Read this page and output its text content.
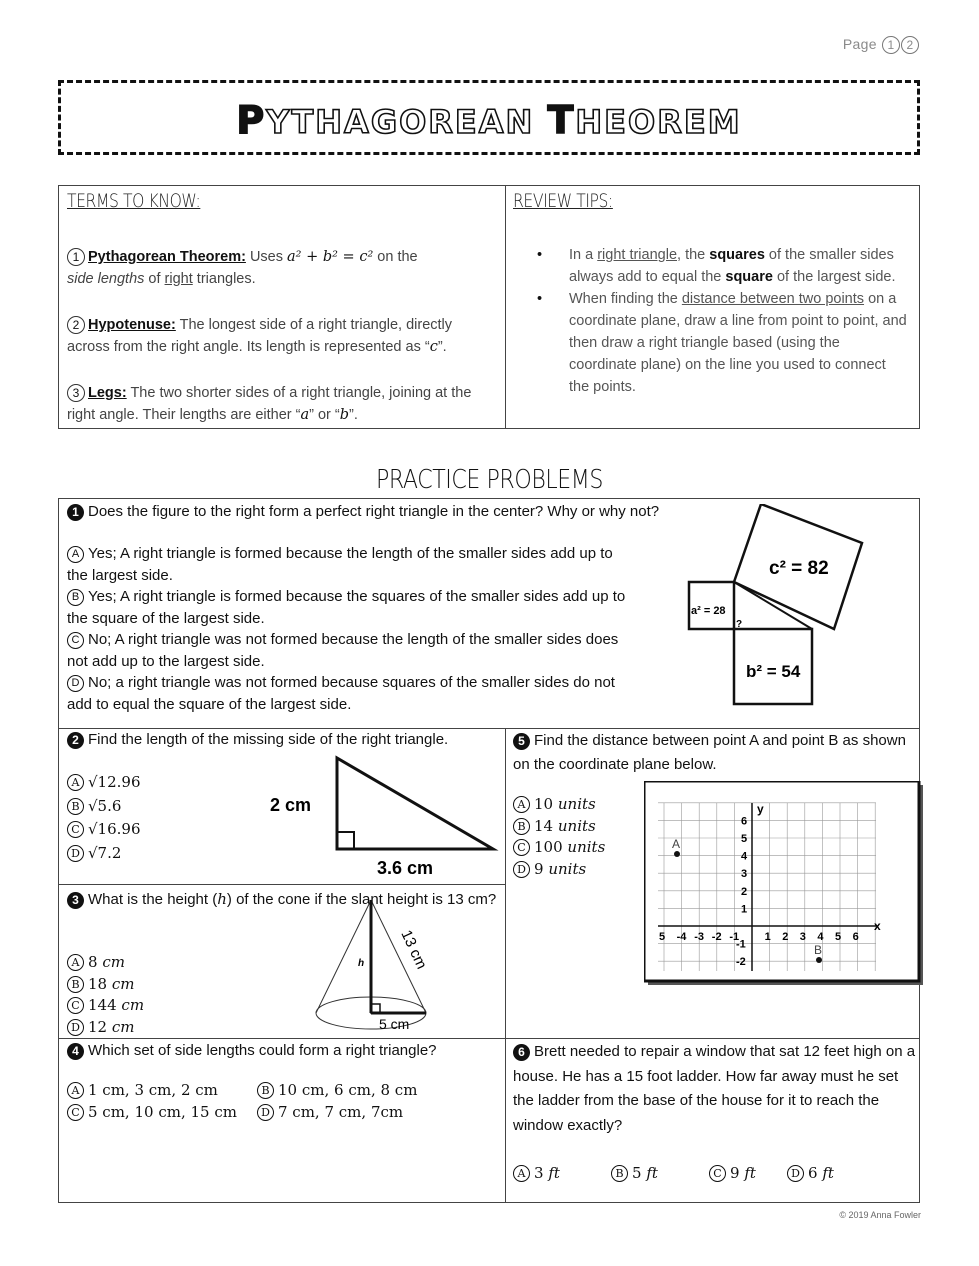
Page 1 2
PYTHAGOREAN THEOREM
TERMS TO KNOW:
1 Pythagorean Theorem: Uses a² + b² = c² on the
side lengths of right triangles.
2 Hypotenuse: The longest side of a right triangle, directly across from the right angle. Its length is represented as “c”.
3 Legs: The two shorter sides of a right triangle, joining at the right angle. Their lengths are either “a” or “b”.
REVIEW TIPS:
• In a right triangle, the squares of the smaller sides always add to equal the square of the largest side.
• When finding the distance between two points on a coordinate plane, draw a line from point to point, and then draw a right triangle based (using the coordinate plane) on the line you used to connect the points.
PRACTICE PROBLEMS
1 Does the figure to the right form a perfect right triangle in the center? Why or why not?
A Yes; A right triangle is formed because the length of the smaller sides add up to the largest side.
B Yes; A right triangle is formed because the squares of the smaller sides add up to the square of the largest side.
C No; A right triangle was not formed because the length of the smaller sides does not add up to the largest side.
D No; a right triangle was not formed because squares of the smaller sides do not add to equal the square of the largest side.
c² = 82
a² = 28
b² = 54
?
2 Find the length of the missing side of the right triangle.
A √12.96
B √5.6
C √16.96
D √7.2
2 cm
3.6 cm
3 What is the height (h) of the cone if the slant height is 13 cm?
A 8 cm
B 18 cm
C 144 cm
D 12 cm
h 13 cm
5 cm
4 Which set of side lengths could form a right triangle?
A 1 cm, 3 cm, 2 cm	B 10 cm, 6 cm, 8 cm
C 5 cm, 10 cm, 15 cm D 7 cm, 7 cm, 7cm
5 Find the distance between point A and point B as shown on the coordinate plane below.
A 10 units
B 14 units
C 100 units
D 9 units
x
y
5 -4 -3 -2 -1 1 2 3 4 5 6
6
5
4
3
2
1
-1
-2
A
B
6 Brett needed to repair a window that sat 12 feet high on a house. He has a 15 foot ladder. How far away must he set the ladder from the base of the house for it to reach the window exactly?
A 3 ft	B 5 ft	C 9 ft	D 6 ft
© 2019 Anna Fowler
